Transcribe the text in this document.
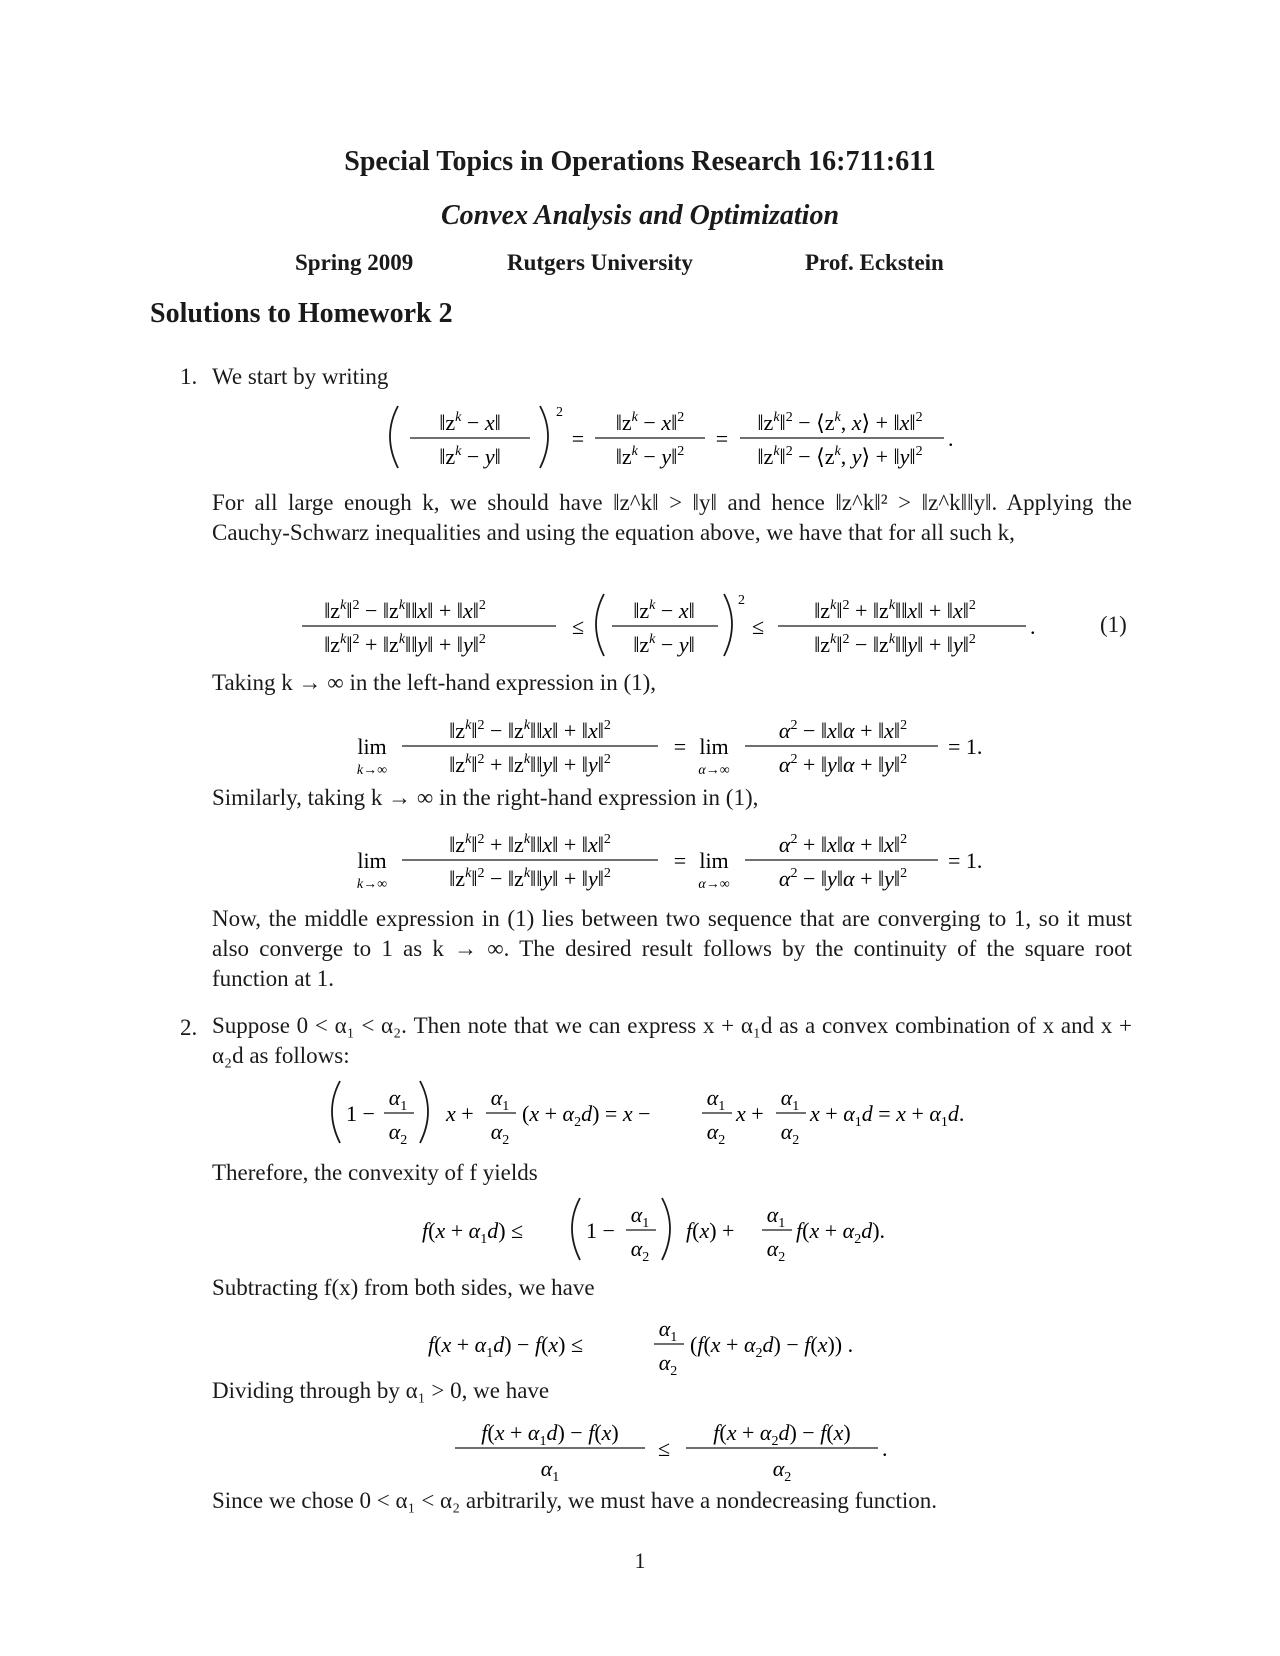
Special Topics in Operations Research 16:711:611
Convex Analysis and Optimization
Spring 2009	Rutgers University	Prof. Eckstein
Solutions to Homework 2
1. We start by writing
$‖z^k$ − x‖
$‖z^k$ − y‖
2
=
$‖z^k$ − x‖$^2$
$‖z^k$ − y‖$^2$
=
$‖z^k‖^2$ − $⟨z^k$, x⟩ + ‖x‖$^2$
$‖z^k‖^2$ − $⟨z^k$, y⟩ + ‖y‖$^2$
.
For all large enough k, we should have ‖z^k‖ > ‖y‖ and hence ‖z^k‖² > ‖z^k‖‖y‖. Applying the Cauchy-Schwarz inequalities and using the equation above, we have that for all such k,
$‖z^k‖^2$ − $‖z^k‖‖x‖$ + ‖x‖$^2$
$‖z^k‖^2$ + $‖z^k‖‖y‖$ + ‖y‖$^2$
≤
$‖z^k$ − x‖
$‖z^k$ − y‖
2
≤
$‖z^k‖^2$ + $‖z^k‖‖x‖$ + ‖x‖$^2$
$‖z^k‖^2$ − $‖z^k‖‖y‖$ + ‖y‖$^2$
.	(1)
Taking k → ∞ in the left-hand expression in (1),
lim
k→∞
$‖z^k‖^2$ − $‖z^k‖‖x‖$ + ‖x‖$^2$
$‖z^k‖^2$ + $‖z^k‖‖y‖$ + ‖y‖$^2$
= lim
α→∞
$\alpha^2$ − ‖x‖α + ‖x‖$^2$
$\alpha^2$ + ‖y‖α + ‖y‖$^2$
= 1.
Similarly, taking k → ∞ in the right-hand expression in (1),
lim
k→∞
$‖z^k‖^2$ + $‖z^k‖‖x‖$ + ‖x‖$^2$
$‖z^k‖^2$ − $‖z^k‖‖y‖$ + ‖y‖$^2$
= lim
α→∞
$\alpha^2$ + ‖x‖α + ‖x‖$^2$
$\alpha^2$ − ‖y‖α + ‖y‖$^2$
= 1.
Now, the middle expression in (1) lies between two sequence that are converging to 1, so it must also converge to 1 as k → ∞. The desired result follows by the continuity of the square root function at 1.
2. Suppose 0 < α₁ < α₂. Then note that we can express x + α₁d as a convex combination of x and x + α₂d as follows:
1 −
$\alpha_1$
$\alpha_2$
x +
$\alpha_1$
$\alpha_2$
$(x + \alpha_2d) = x$ −
$\alpha_1$
$\alpha_2$
x +
$\alpha_1$
$\alpha_2$
$x + \alpha_1d = x + \alpha_1d$.
Therefore, the convexity of f yields
$f(x + \alpha_1d)$ ≤	1 −
$\alpha_1$
$\alpha_2$
f(x) +
$\alpha_1$
$\alpha_2$
$f(x + \alpha_2d)$.
Subtracting f(x) from both sides, we have
$f(x + \alpha_1d) - f(x)$ ≤
$\alpha_1$
$\alpha_2$
$(f(x + \alpha_2d) - f(x))$ .
Dividing through by α₁ > 0, we have
$f(x + \alpha_1d) - f(x)$
$\alpha_1$
≤
$f(x + \alpha_2d) - f(x)$
$\alpha_2$
.
Since we chose 0 < α₁ < α₂ arbitrarily, we must have a nondecreasing function.
1
